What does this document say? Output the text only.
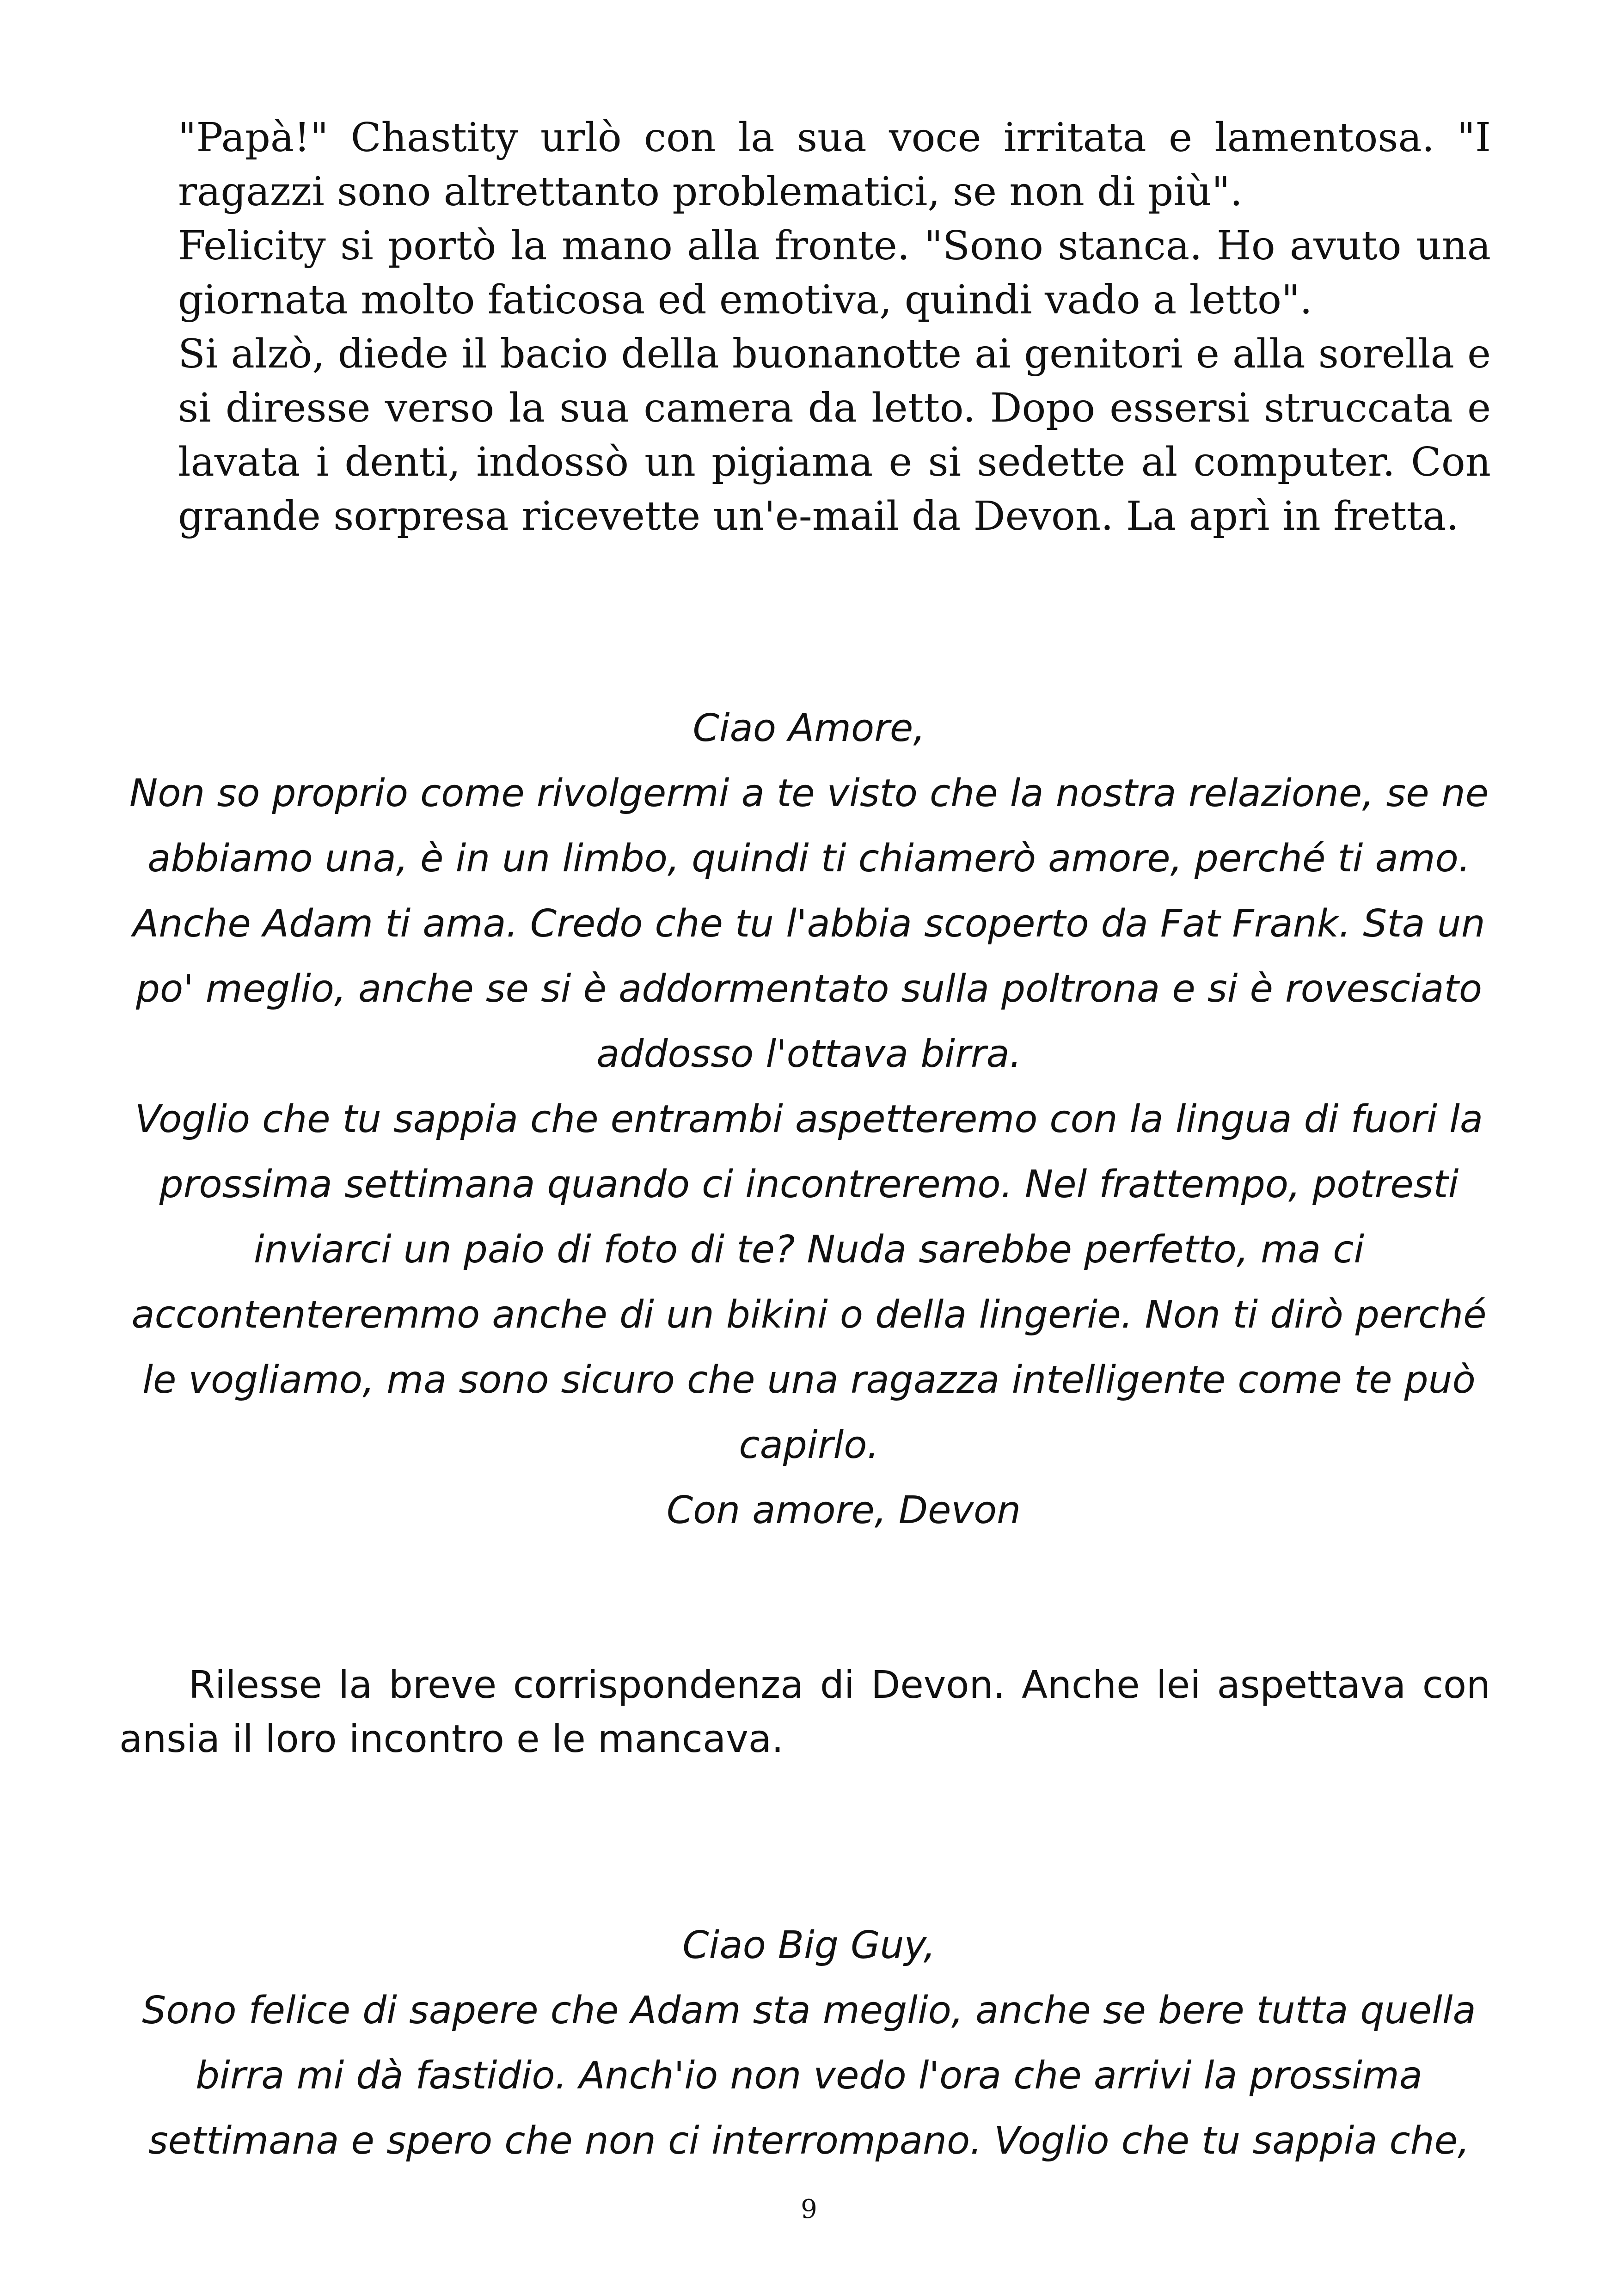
"Papà!" Chastity urlò con la sua voce irritata e lamentosa. "I ragazzi sono altrettanto problematici, se non di più".

Felicity si portò la mano alla fronte. "Sono stanca. Ho avuto una giornata molto faticosa ed emotiva, quindi vado a letto".

Si alzò, diede il bacio della buonanotte ai genitori e alla sorella e si diresse verso la sua camera da letto. Dopo essersi struccata e lavata i denti, indossò un pigiama e si sedette al computer. Con grande sorpresa ricevette un'e-mail da Devon. La aprì in fretta.

Ciao Amore,

Non so proprio come rivolgermi a te visto che la nostra relazione, se ne abbiamo una, è in un limbo, quindi ti chiamerò amore, perché ti amo. Anche Adam ti ama. Credo che tu l'abbia scoperto da Fat Frank. Sta un po' meglio, anche se si è addormentato sulla poltrona e si è rovesciato addosso l'ottava birra.

Voglio che tu sappia che entrambi aspetteremo con la lingua di fuori la prossima settimana quando ci incontreremo. Nel frattempo, potresti inviarci un paio di foto di te? Nuda sarebbe perfetto, ma ci accontenteremmo anche di un bikini o della lingerie. Non ti dirò perché le vogliamo, ma sono sicuro che una ragazza intelligente come te può capirlo.

Con amore, Devon

Rilesse la breve corrispondenza di Devon. Anche lei aspettava con ansia il loro incontro e le mancava.

Ciao Big Guy,

Sono felice di sapere che Adam sta meglio, anche se bere tutta quella birra mi dà fastidio. Anch'io non vedo l'ora che arrivi la prossima settimana e spero che non ci interrompano. Voglio che tu sappia che,

9
